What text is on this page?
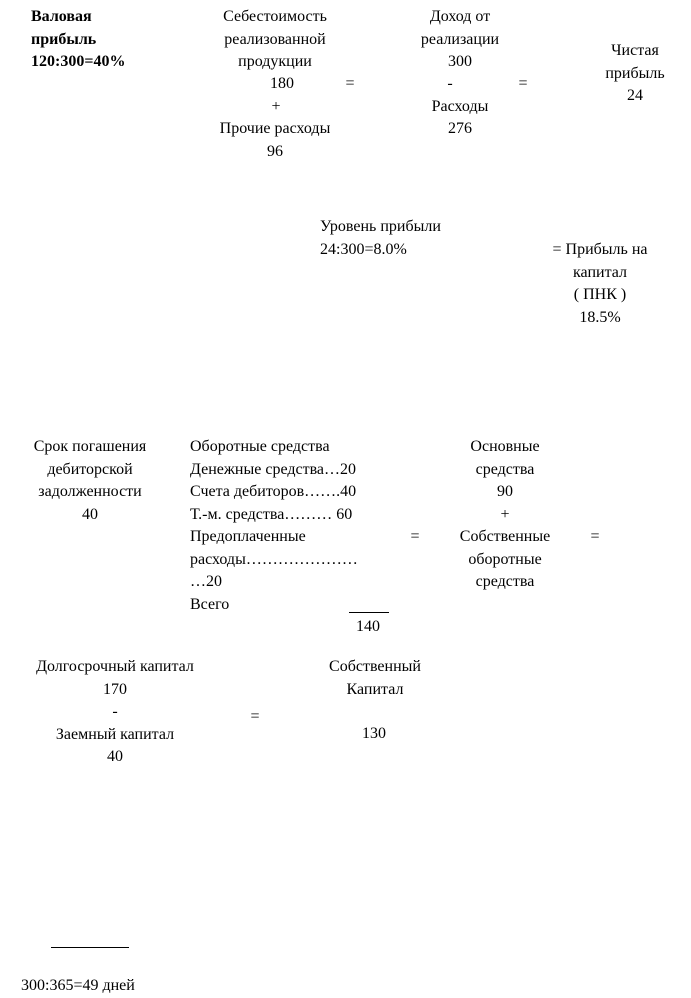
Валовая
прибыль
120:300=40%
Себестоимость
реализованной
продукции
180
+
Прочие расходы
96
=
Доход от
реализации
300
-
Расходы
276
=
Чистая
прибыль
24
Уровень прибыли
24:300=8.0%	= Прибыль на
капитал
( ПНК )
18.5%
Срок погашения
дебиторской
задолженности
40
Оборотные средства
Денежные средства…20
Счета дебиторов…….40
Т.-м. средства……… 60
Предоплаченные
расходы…………………
…20
Всего
140
=
Основные
средства
90
+
Собственные
оборотные
средства
=
Долгосрочный капитал
170
-
Заемный капитал
40
=
Собственный
Капитал
130
300:365=49 дней
